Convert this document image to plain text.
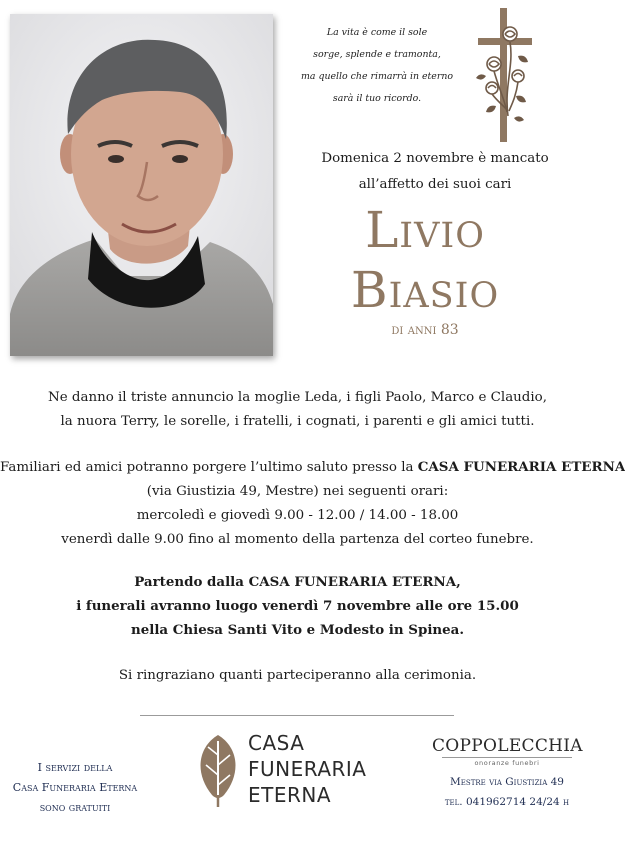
La vita è come il sole
sorge, splende e tramonta,
ma quello che rimarrà in eterno
sarà il tuo ricordo.
Domenica 2 novembre è mancato
all’affetto dei suoi cari
Livio
Biasio
di anni 83
Ne danno il triste annuncio la moglie Leda, i figli Paolo, Marco e Claudio,
la nuora Terry, le sorelle, i fratelli, i cognati, i parenti e gli amici tutti.
Familiari ed amici potranno porgere l’ultimo saluto presso la CASA FUNERARIA ETERNA
(via Giustizia 49, Mestre) nei seguenti orari:
mercoledì e giovedì 9.00 - 12.00 / 14.00 - 18.00
venerdì dalle 9.00 fino al momento della partenza del corteo funebre.
Partendo dalla CASA FUNERARIA ETERNA,
i funerali avranno luogo venerdì 7 novembre alle ore 15.00
nella Chiesa Santi Vito e Modesto in Spinea.
Si ringraziano quanti parteciperanno alla cerimonia.
I servizi della
Casa Funeraria Eterna
sono gratuiti
CASA
FUNERARIA
ETERNA
COPPOLECCHIA
onoranze funebri
Mestre via Giustizia 49
tel. 041962714 24/24 h
